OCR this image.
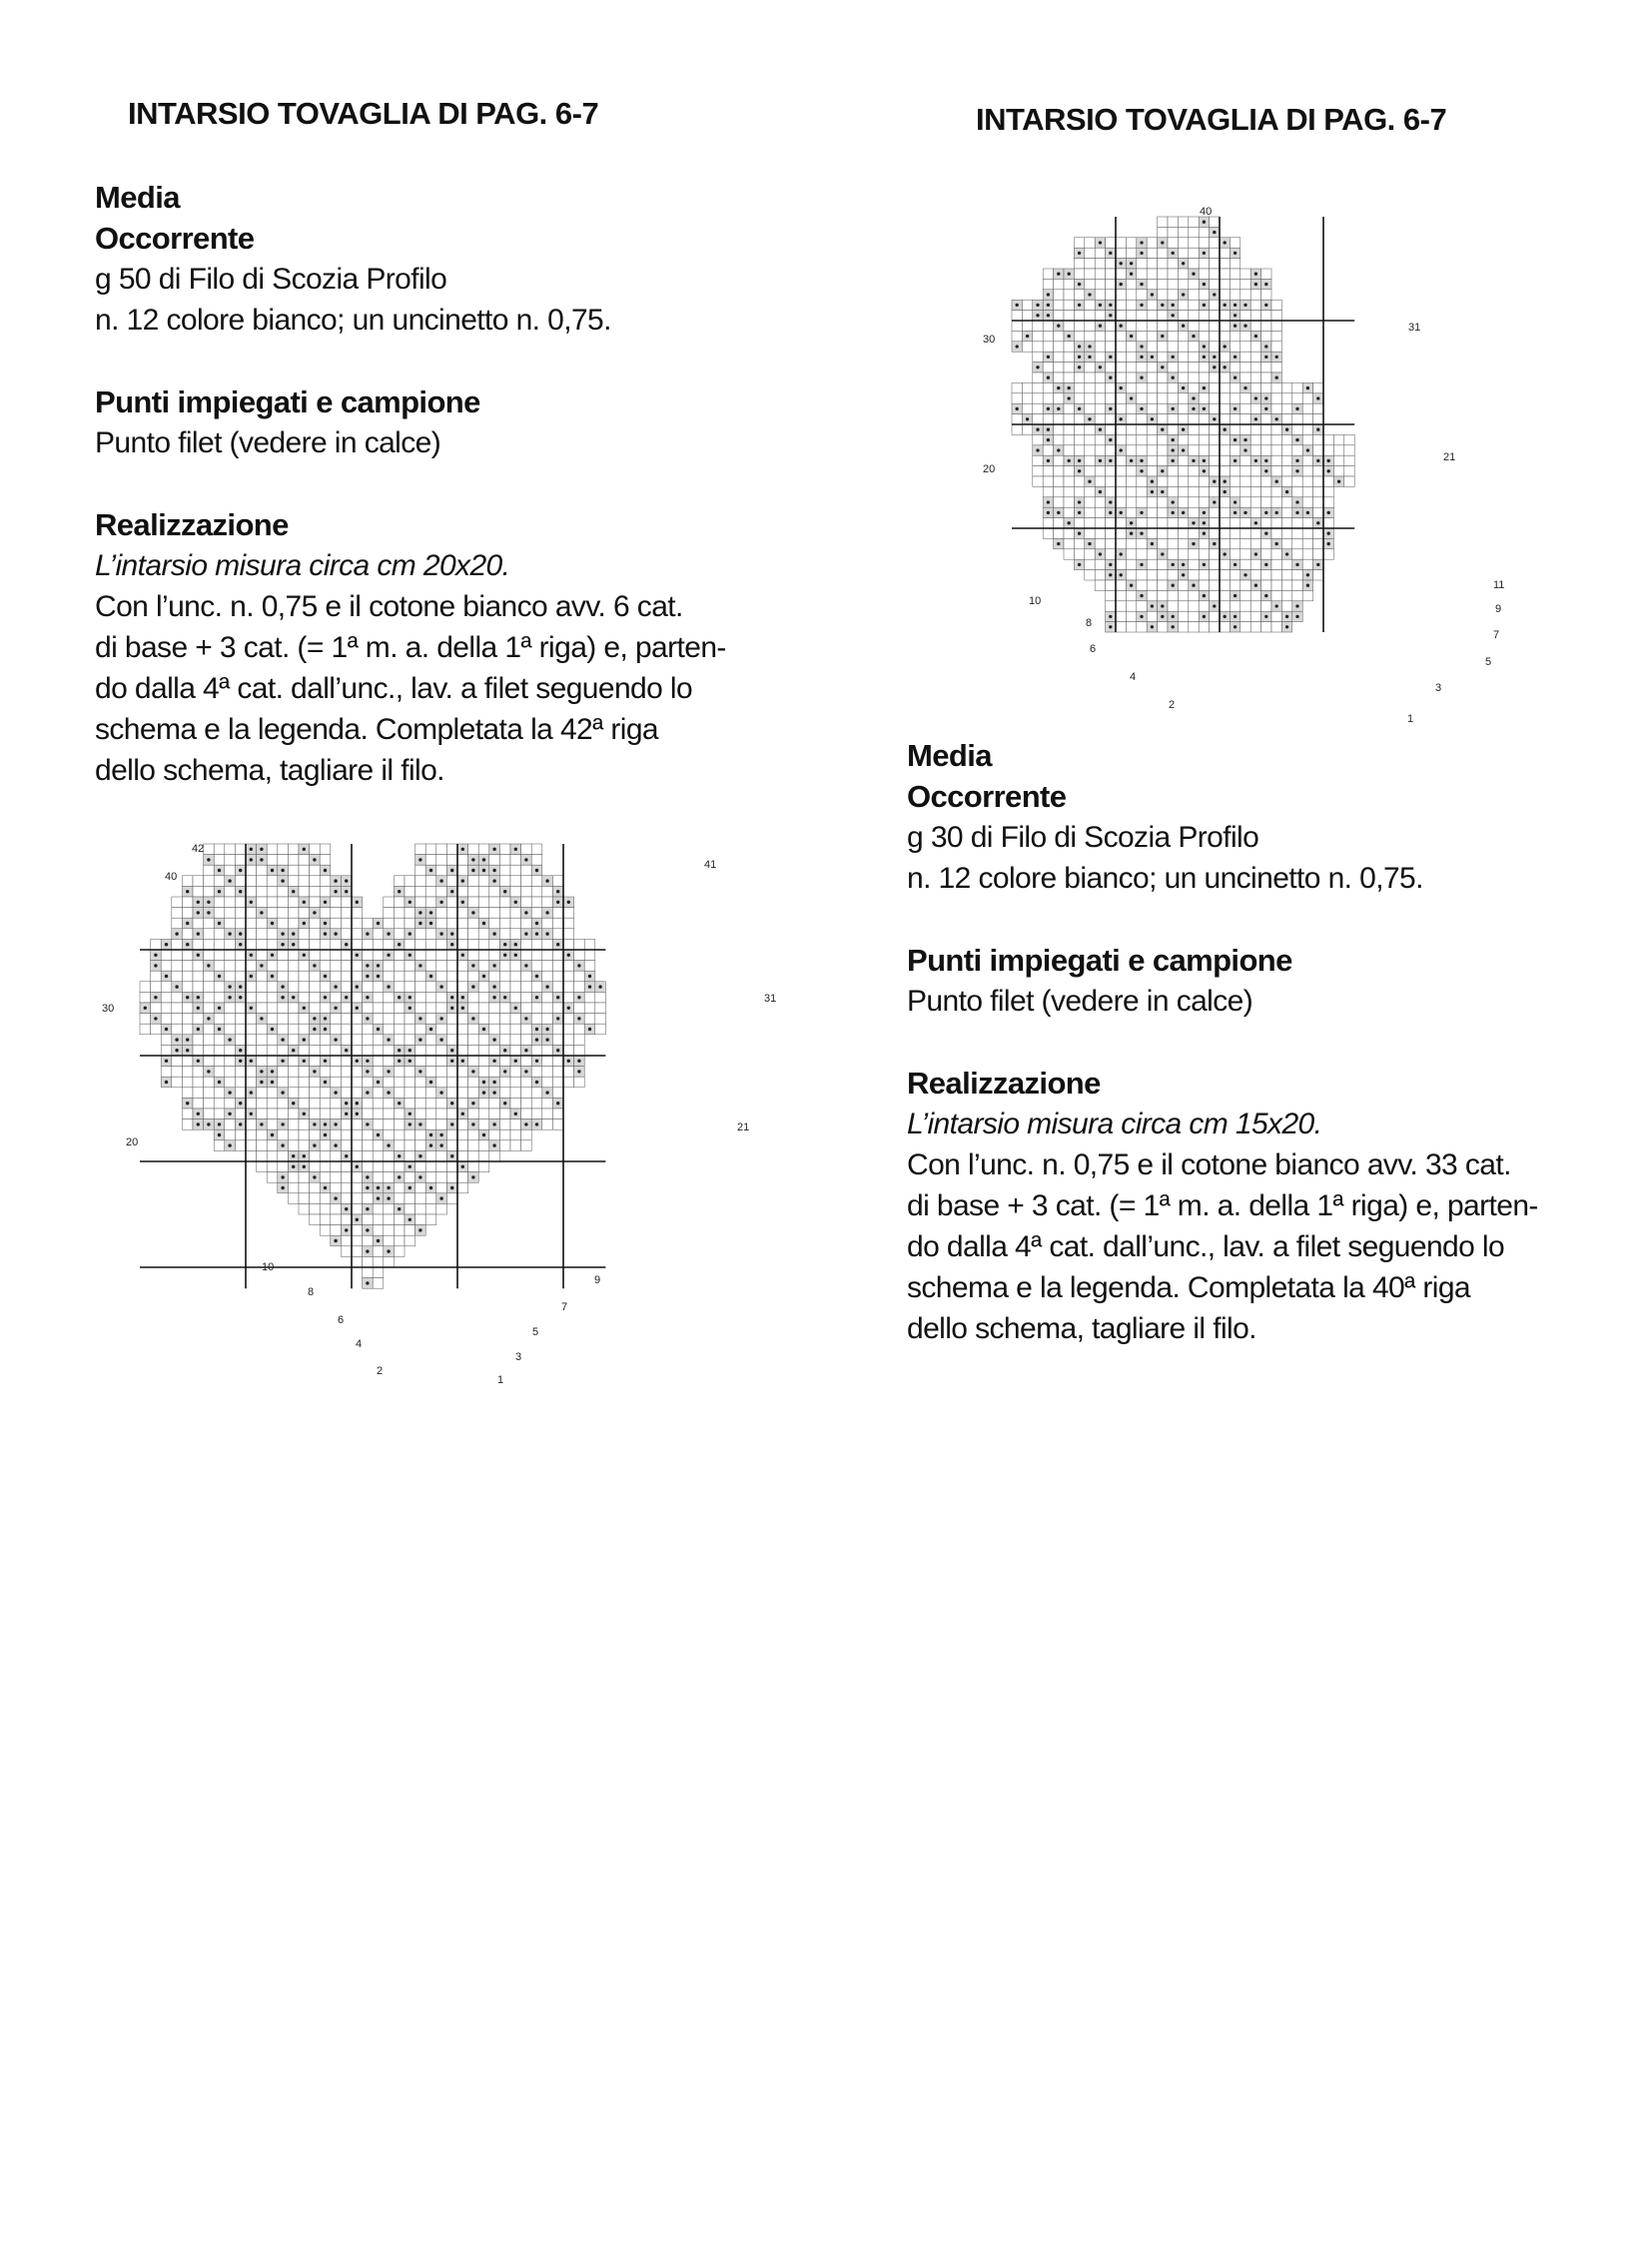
INTARSIO TOVAGLIA DI PAG. 6-7

Media

Occorrente

g 50 di Filo di Scozia Profilo

n. 12 colore bianco; un uncinetto n. 0,75.

Punti impiegati e campione

Punto filet (vedere in calce)

Realizzazione

L’intarsio misura circa cm 20x20.

Con l’unc. n. 0,75 e il cotone bianco avv. 6 cat.

di base + 3 cat. (= 1ª m. a. della 1ª riga) e, parten-

do dalla 4ª cat. dall’unc., lav. a filet seguendo lo

schema e la legenda. Completata la 42ª riga

dello schema, tagliare il filo.

42
40
41
30
31
20
21
10
8
9
6
7
4
5
2
3
1
INTARSIO TOVAGLIA DI PAG. 6-7
40
30
31
20
21
11
10
9
8
7
6
5
4
3
2
1

Media

Occorrente

g 30 di Filo di Scozia Profilo

n. 12 colore bianco; un uncinetto n. 0,75.

Punti impiegati e campione

Punto filet (vedere in calce)

Realizzazione

L’intarsio misura circa cm 15x20.

Con l’unc. n. 0,75 e il cotone bianco avv. 33 cat.

di base + 3 cat. (= 1ª m. a. della 1ª riga) e, parten-

do dalla 4ª cat. dall’unc., lav. a filet seguendo lo

schema e la legenda. Completata la 40ª riga

dello schema, tagliare il filo.
